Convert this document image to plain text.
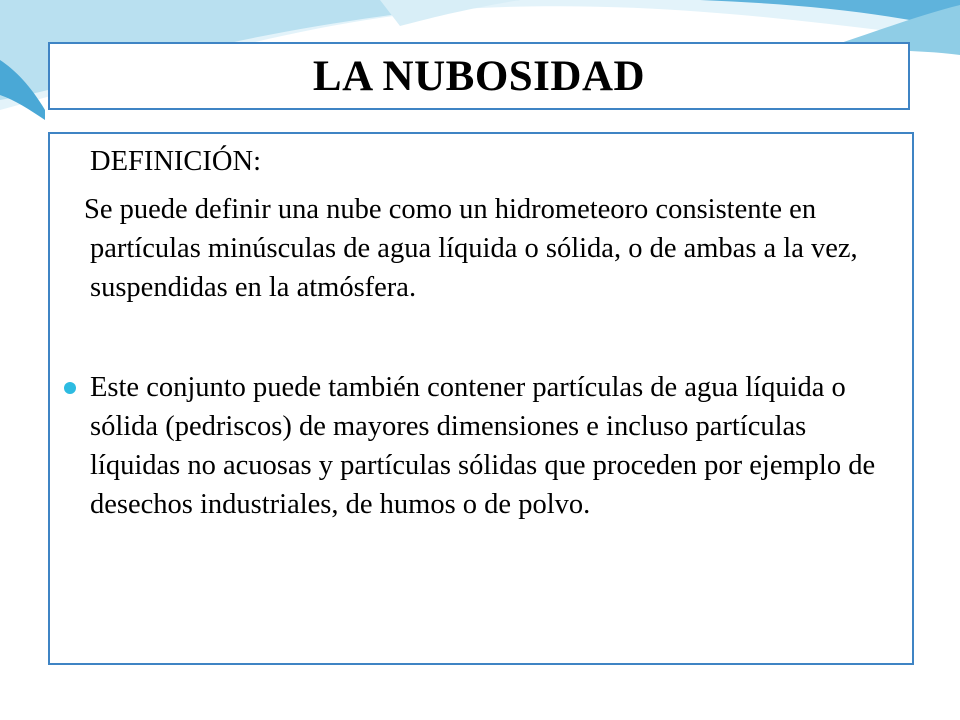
LA NUBOSIDAD

DEFINICIÓN:

Se puede definir una nube como un hidrometeoro consistente en partículas minúsculas de agua líquida o sólida, o de ambas a la vez, suspendidas en la atmósfera.

Este conjunto puede también contener partículas de agua líquida o sólida (pedriscos) de mayores dimensiones e incluso partículas líquidas no acuosas y partículas sólidas que proceden por ejemplo de desechos industriales, de humos o de polvo.
